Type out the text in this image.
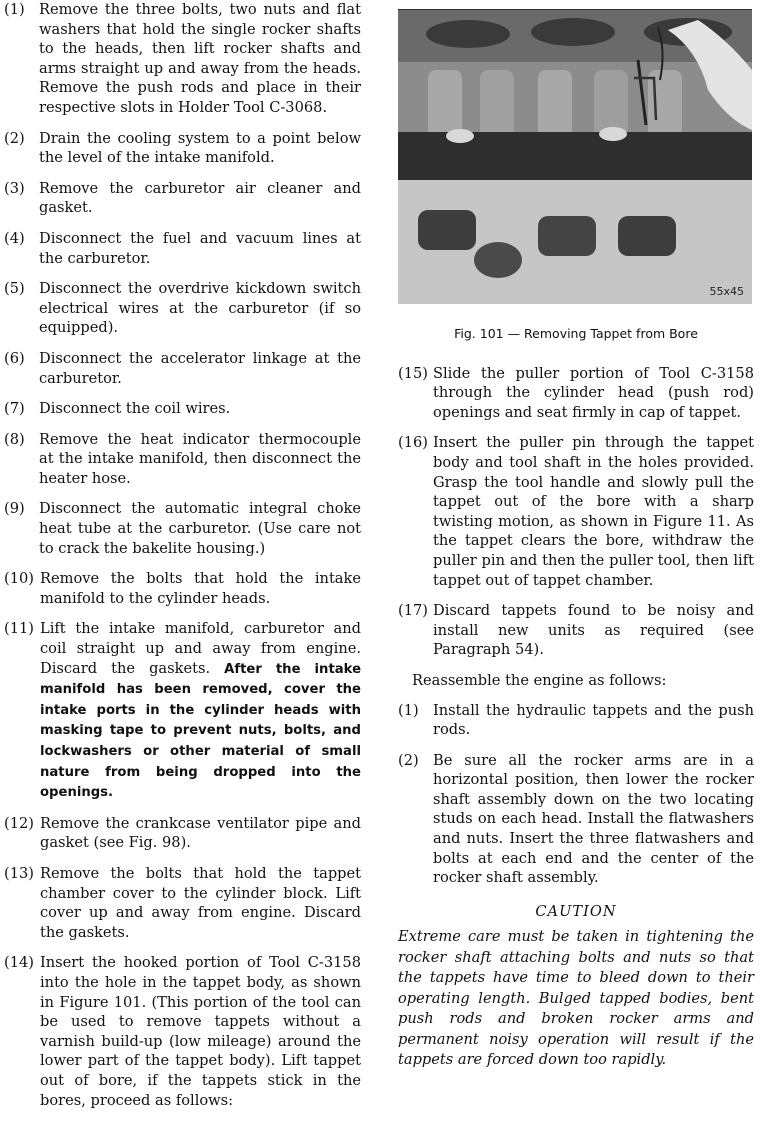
(1) Remove the three bolts, two nuts and flat washers that hold the single rocker shafts to the heads, then lift rocker shafts and arms straight up and away from the heads. Remove the push rods and place in their respective slots in Holder Tool C-3068.
(2) Drain the cooling system to a point below the level of the intake manifold.
(3) Remove the carburetor air cleaner and gasket.
(4) Disconnect the fuel and vacuum lines at the carburetor.
(5) Disconnect the overdrive kickdown switch electrical wires at the carburetor (if so equipped).
(6) Disconnect the accelerator linkage at the carburetor.
(7) Disconnect the coil wires.
(8) Remove the heat indicator thermocouple at the intake manifold, then disconnect the heater hose.
(9) Disconnect the automatic integral choke heat tube at the carburetor. (Use care not to crack the bakelite housing.)
(10) Remove the bolts that hold the intake manifold to the cylinder heads.
(11) Lift the intake manifold, carburetor and coil straight up and away from engine. Discard the gaskets. After the intake manifold has been removed, cover the intake ports in the cylinder heads with masking tape to prevent nuts, bolts, and lockwashers or other material of small nature from being dropped into the openings.
(12) Remove the crankcase ventilator pipe and gasket (see Fig. 98).
(13) Remove the bolts that hold the tappet chamber cover to the cylinder block. Lift cover up and away from engine. Discard the gaskets.
(14) Insert the hooked portion of Tool C-3158 into the hole in the tappet body, as shown in Figure 101. (This portion of the tool can be used to remove tappets without a varnish build-up (low mileage) around the lower part of the tappet body). Lift tappet out of bore, if the tappets stick in the bores, proceed as follows:
55x45
Fig. 101 — Removing Tappet from Bore
(15) Slide the puller portion of Tool C-3158 through the cylinder head (push rod) openings and seat firmly in cap of tappet.
(16) Insert the puller pin through the tappet body and tool shaft in the holes provided. Grasp the tool handle and slowly pull the tappet out of the bore with a sharp twisting motion, as shown in Figure 11. As the tappet clears the bore, withdraw the puller pin and then the puller tool, then lift tappet out of tappet chamber.
(17) Discard tappets found to be noisy and install new units as required (see Paragraph 54).
Reassemble the engine as follows:
(1) Install the hydraulic tappets and the push rods.
(2) Be sure all the rocker arms are in a horizontal position, then lower the rocker shaft assembly down on the two locating studs on each head. Install the flatwashers and nuts. Insert the three flatwashers and bolts at each end and the center of the rocker shaft assembly.
CAUTION
Extreme care must be taken in tightening the rocker shaft attaching bolts and nuts so that the tappets have time to bleed down to their operating length. Bulged tapped bodies, bent push rods and broken rocker arms and permanent noisy operation will result if the tappets are forced down too rapidly.
